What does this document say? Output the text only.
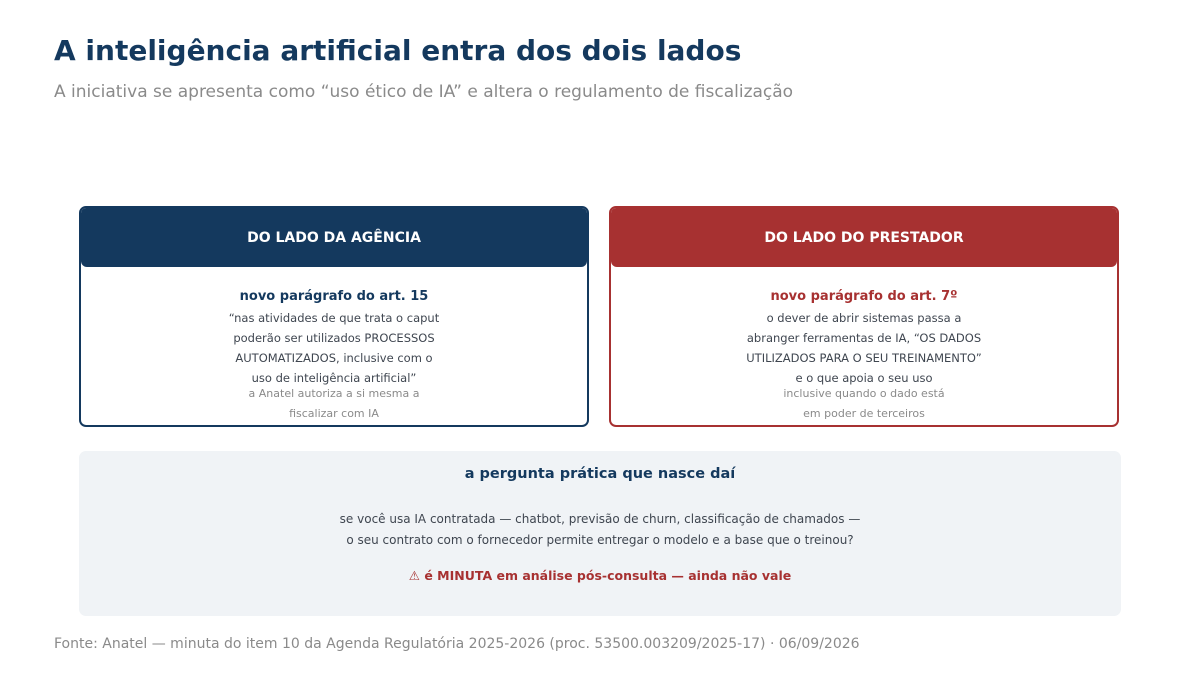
A inteligência artificial entra dos dois lados
A iniciativa se apresenta como “uso ético de IA” e altera o regulamento de fiscalização
DO LADO DA AGÊNCIA
novo parágrafo do art. 15
“nas atividades de que trata o caput
poderão ser utilizados PROCESSOS
AUTOMATIZADOS, inclusive com o
uso de inteligência artificial”
a Anatel autoriza a si mesma a
fiscalizar com IA
DO LADO DO PRESTADOR
novo parágrafo do art. 7º
o dever de abrir sistemas passa a
abranger ferramentas de IA, “OS DADOS
UTILIZADOS PARA O SEU TREINAMENTO”
e o que apoia o seu uso
inclusive quando o dado está
em poder de terceiros
a pergunta prática que nasce daí
se você usa IA contratada — chatbot, previsão de churn, classificação de chamados —
o seu contrato com o fornecedor permite entregar o modelo e a base que o treinou?
⚠ é MINUTA em análise pós-consulta — ainda não vale
Fonte: Anatel — minuta do item 10 da Agenda Regulatória 2025-2026 (proc. 53500.003209/2025-17) · 06/09/2026
